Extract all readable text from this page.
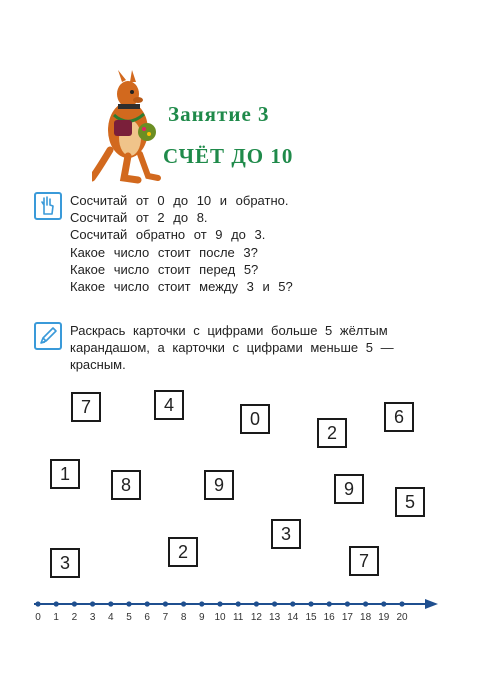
Занятие 3
СЧЁТ ДО 10
Сосчитай от 0 до 10 и обратно.
Сосчитай от 2 до 8.
Сосчитай обратно от 9 до 3.
Какое число стоит после 3?
Какое число стоит перед 5?
Какое число стоит между 3 и 5?
Раскрась карточки с цифрами больше 5 жёлтым
карандашом, а карточки с цифрами меньше 5 —
красным.
7	4
0
2
6
1
8	9	9
5
3
2
3
7
0 1 2 3 4 5 6 7 8 9 10 11 12 13 14 15 16 17 18 19 20
